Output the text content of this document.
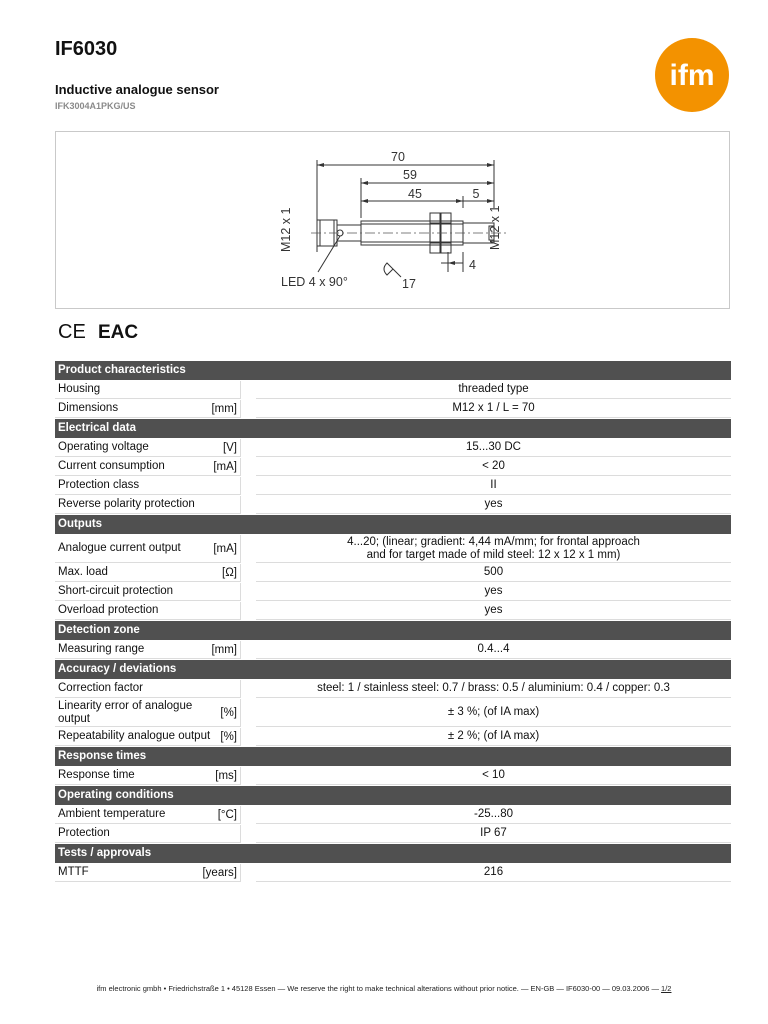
IF6030
Inductive analogue sensor
IFK3004A1PKG/US
ifm
70
59
45	5
4
LED 4 x 90°	17
M12 x 1	M12 x 1
CE EAC
Product characteristics
Housing	threaded type
Dimensions	[mm]	M12 x 1 / L = 70
Electrical data
Operating voltage	[V]	15...30 DC
Current consumption	[mA]	< 20
Protection class	II
Reverse polarity protection	yes
Outputs
Analogue current output	[mA]
4...20; (linear; gradient: 4,44 mA/mm; for frontal approach
and for target made of mild steel: 12 x 12 x 1 mm)
Max. load	[Ω]	500
Short-circuit protection	yes
Overload protection	yes
Detection zone
Measuring range	[mm]	0.4...4
Accuracy / deviations
Correction factor	steel: 1 / stainless steel: 0.7 / brass: 0.5 / aluminium: 0.4 / copper: 0.3
Linearity error of analogue output	[%]	± 3 %; (of IA max)
Repeatability analogue output [%]	± 2 %; (of IA max)
Response times
Response time	[ms]	< 10
Operating conditions
Ambient temperature	[°C]	-25...80
Protection	IP 67
Tests / approvals
MTTF	[years]	216
ifm electronic gmbh • Friedrichstraße 1 • 45128 Essen — We reserve the right to make technical alterations without prior notice. — EN-GB — IF6030-00 — 09.03.2006 — 1/2
